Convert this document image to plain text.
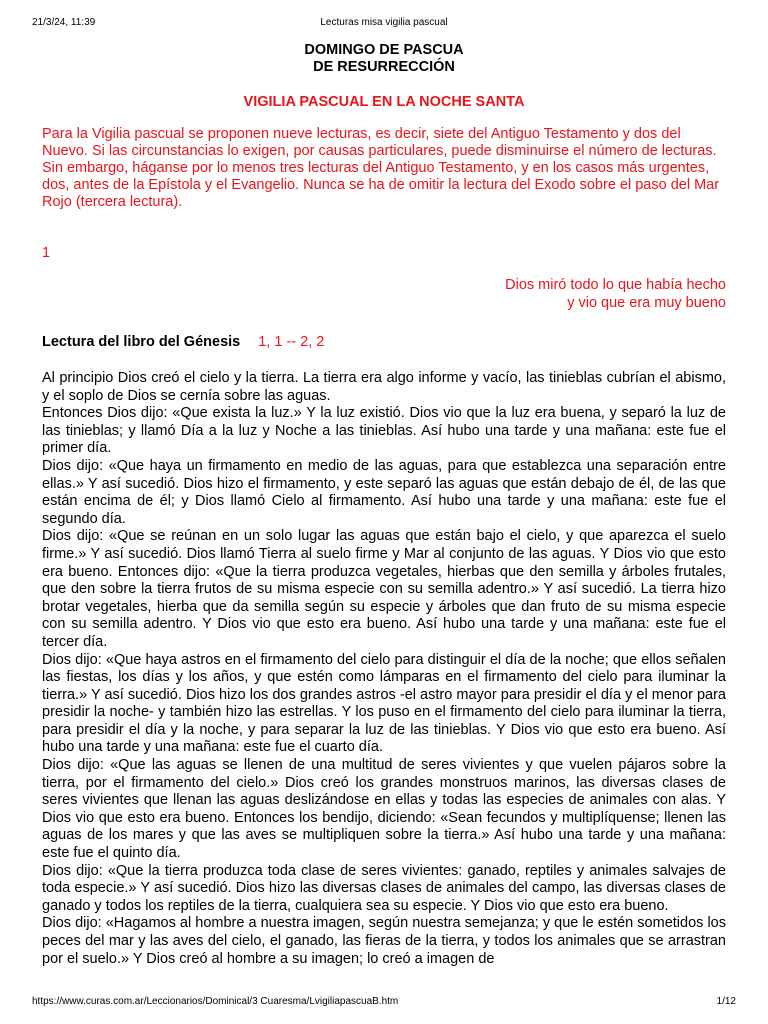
21/3/24, 11:39	Lecturas misa vigilia pascual
DOMINGO DE PASCUA
DE RESURRECCIÓN
VIGILIA PASCUAL EN LA NOCHE SANTA
Para la Vigilia pascual se proponen nueve lecturas, es decir, siete del Antiguo Testamento y dos del Nuevo. Si las circunstancias lo exigen, por causas particulares, puede disminuirse el número de lecturas. Sin embargo, háganse por lo menos tres lecturas del Antiguo Testamento, y en los casos más urgentes, dos, antes de la Epístola y el Evangelio. Nunca se ha de omitir la lectura del Exodo sobre el paso del Mar Rojo (tercera lectura).
1
Dios miró todo lo que había hecho
y vio que era muy bueno
Lectura del libro del Génesis 1, 1 -- 2, 2

Al principio Dios creó el cielo y la tierra. La tierra era algo informe y vacío, las tinieblas cubrían el abismo, y el soplo de Dios se cernía sobre las aguas.

Entonces Dios dijo: «Que exista la luz.» Y la luz existió. Dios vio que la luz era buena, y separó la luz de las tinieblas; y llamó Día a la luz y Noche a las tinieblas. Así hubo una tarde y una mañana: este fue el primer día.

Dios dijo: «Que haya un firmamento en medio de las aguas, para que establezca una separación entre ellas.» Y así sucedió. Dios hizo el firmamento, y este separó las aguas que están debajo de él, de las que están encima de él; y Dios llamó Cielo al firmamento. Así hubo una tarde y una mañana: este fue el segundo día.

Dios dijo: «Que se reúnan en un solo lugar las aguas que están bajo el cielo, y que aparezca el suelo firme.» Y así sucedió. Dios llamó Tierra al suelo firme y Mar al conjunto de las aguas. Y Dios vio que esto era bueno. Entonces dijo: «Que la tierra produzca vegetales, hierbas que den semilla y árboles frutales, que den sobre la tierra frutos de su misma especie con su semilla adentro.» Y así sucedió. La tierra hizo brotar vegetales, hierba que da semilla según su especie y árboles que dan fruto de su misma especie con su semilla adentro. Y Dios vio que esto era bueno. Así hubo una tarde y una mañana: este fue el tercer día.

Dios dijo: «Que haya astros en el firmamento del cielo para distinguir el día de la noche; que ellos señalen las fiestas, los días y los años, y que estén como lámparas en el firmamento del cielo para iluminar la tierra.» Y así sucedió. Dios hizo los dos grandes astros -el astro mayor para presidir el día y el menor para presidir la noche- y también hizo las estrellas. Y los puso en el firmamento del cielo para iluminar la tierra, para presidir el día y la noche, y para separar la luz de las tinieblas. Y Dios vio que esto era bueno. Así hubo una tarde y una mañana: este fue el cuarto día.

Dios dijo: «Que las aguas se llenen de una multitud de seres vivientes y que vuelen pájaros sobre la tierra, por el firmamento del cielo.» Dios creó los grandes monstruos marinos, las diversas clases de seres vivientes que llenan las aguas deslizándose en ellas y todas las especies de animales con alas. Y Dios vio que esto era bueno. Entonces los bendijo, diciendo: «Sean fecundos y multiplíquense; llenen las aguas de los mares y que las aves se multipliquen sobre la tierra.» Así hubo una tarde y una mañana: este fue el quinto día.

Dios dijo: «Que la tierra produzca toda clase de seres vivientes: ganado, reptiles y animales salvajes de toda especie.» Y así sucedió. Dios hizo las diversas clases de animales del campo, las diversas clases de ganado y todos los reptiles de la tierra, cualquiera sea su especie. Y Dios vio que esto era bueno.

Dios dijo: «Hagamos al hombre a nuestra imagen, según nuestra semejanza; y que le estén sometidos los peces del mar y las aves del cielo, el ganado, las fieras de la tierra, y todos los animales que se arrastran por el suelo.» Y Dios creó al hombre a su imagen; lo creó a imagen de

https://www.curas.com.ar/Leccionarios/Dominical/3 Cuaresma/LvigiliapascuaB.htm	1/12
